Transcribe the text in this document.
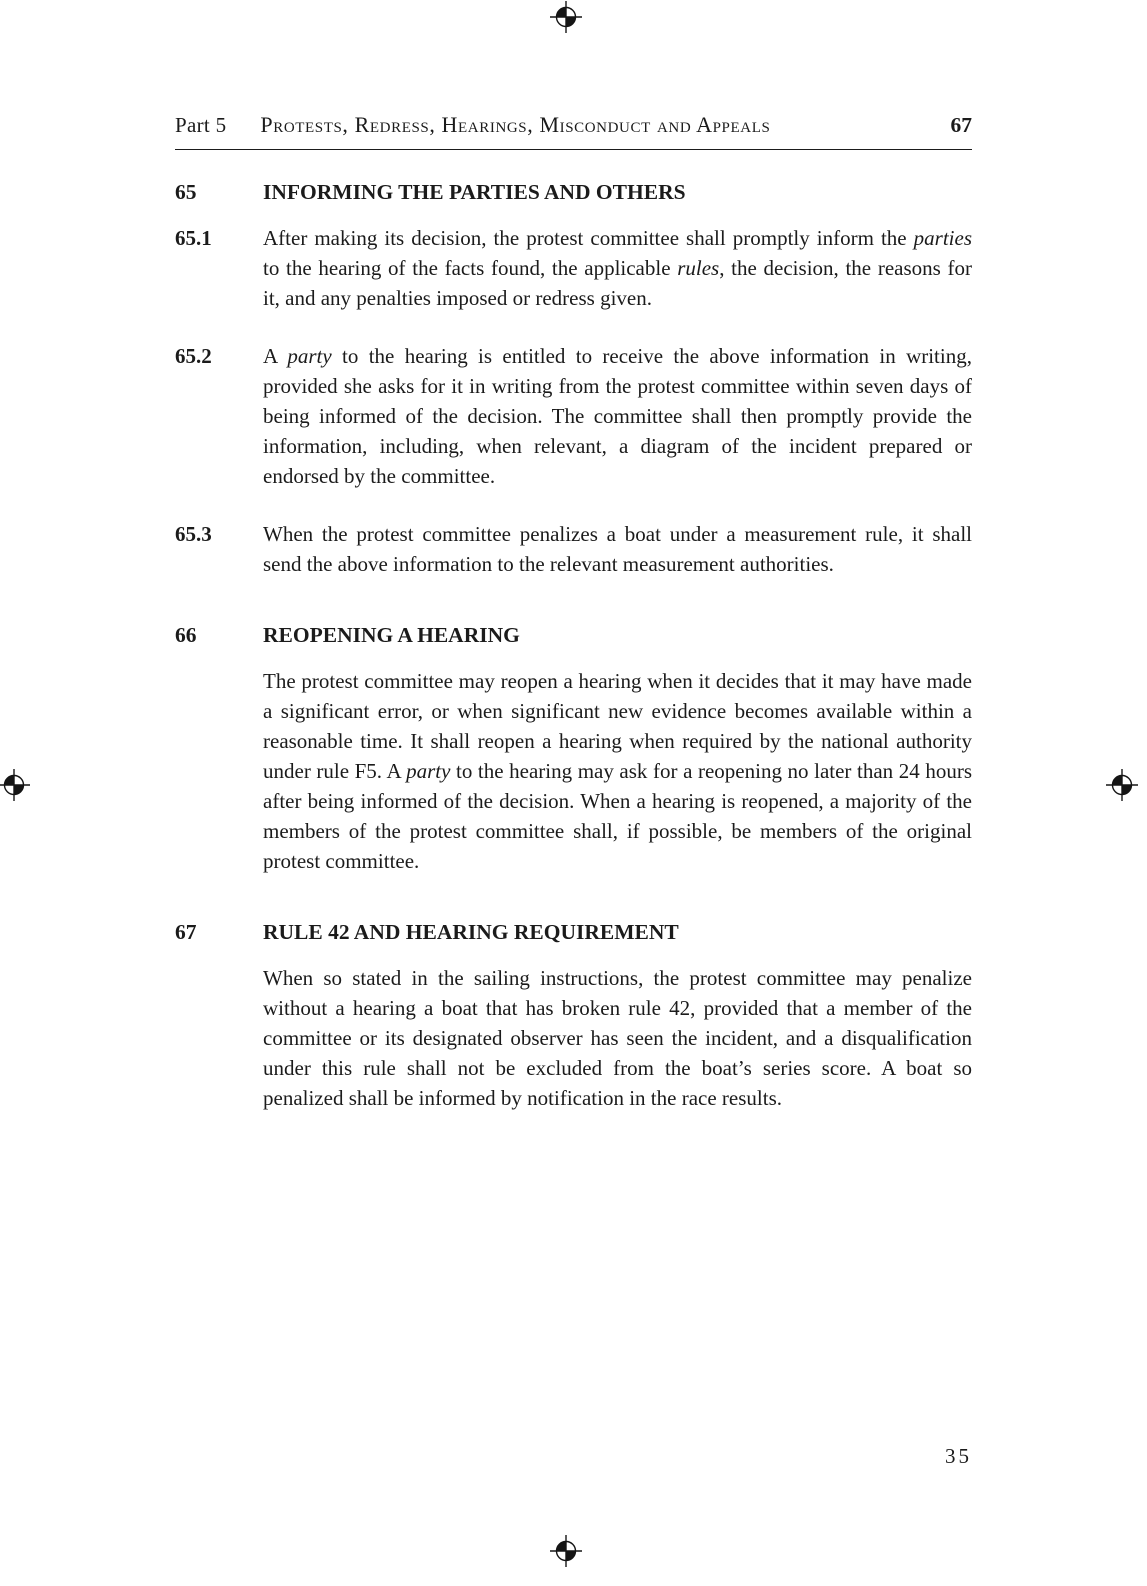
Part 5 Protests, Redress, Hearings, Misconduct and Appeals	67
65	INFORMING THE PARTIES AND OTHERS
65.1	After making its decision, the protest committee shall promptly inform the parties to the hearing of the facts found, the applicable rules, the decision, the reasons for it, and any penalties imposed or redress given.
65.2	A party to the hearing is entitled to receive the above information in writing, provided she asks for it in writing from the protest committee within seven days of being informed of the decision. The committee shall then promptly provide the information, including, when relevant, a diagram of the incident prepared or endorsed by the committee.
65.3	When the protest committee penalizes a boat under a measurement rule, it shall send the above information to the relevant measurement authorities.
66	REOPENING A HEARING
The protest committee may reopen a hearing when it decides that it may have made a significant error, or when significant new evidence becomes available within a reasonable time. It shall reopen a hearing when required by the national authority under rule F5. A party to the hearing may ask for a reopening no later than 24 hours after being informed of the decision. When a hearing is reopened, a majority of the members of the protest committee shall, if possible, be members of the original protest committee.
67	RULE 42 AND HEARING REQUIREMENT
When so stated in the sailing instructions, the protest committee may penalize without a hearing a boat that has broken rule 42, provided that a member of the committee or its designated observer has seen the incident, and a disqualification under this rule shall not be excluded from the boat’s series score. A boat so penalized shall be informed by notification in the race results.
35
